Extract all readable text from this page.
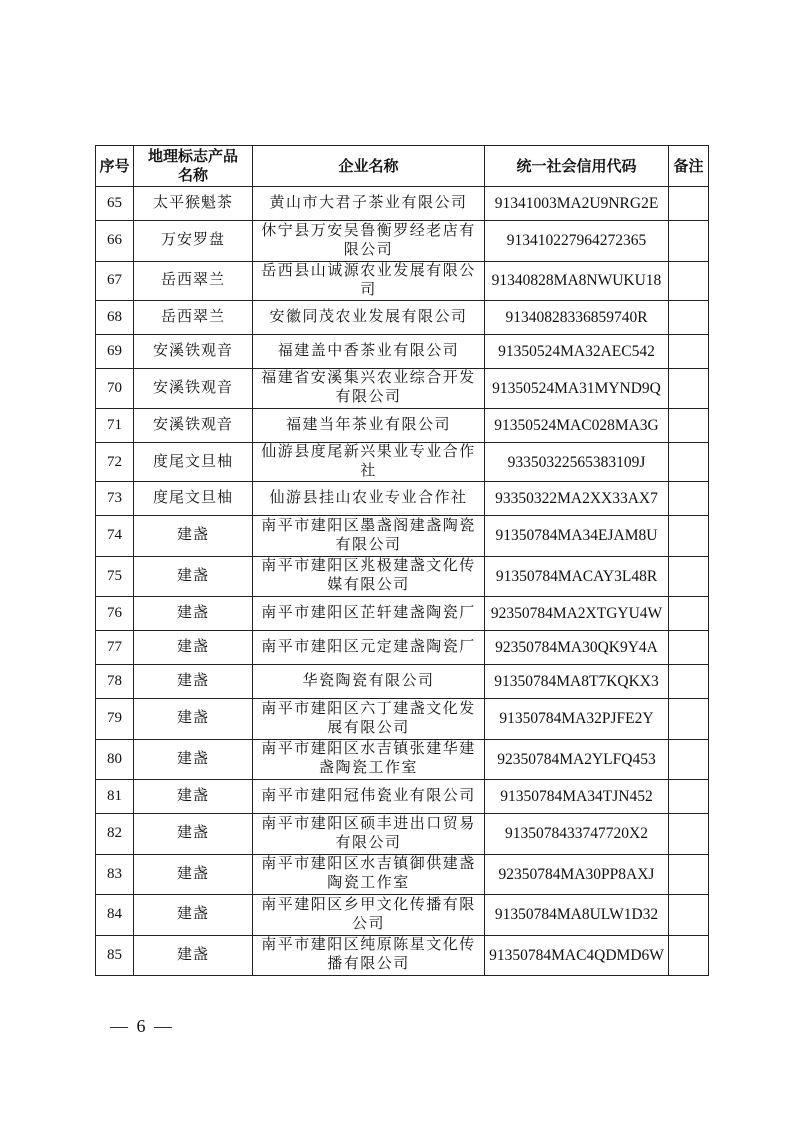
序号	地理标志产品名称	企业名称	统一社会信用代码	备注
65	太平猴魁茶	黄山市大君子茶业有限公司	91341003MA2U9NRG2E	
66	万安罗盘	休宁县万安吴鲁衡罗经老店有限公司	91341022796427236​5	
67	岳西翠兰	岳西县山诚源农业发展有限公司	91340828MA8NWUKU18	
68	岳西翠兰	安徽同茂农业发展有限公司	91340828336859740R	
69	安溪铁观音	福建盖中香茶业有限公司	91350524MA32AEC542	
70	安溪铁观音	福建省安溪集兴农业综合开发有限公司	91350524MA31MYND9Q	
71	安溪铁观音	福建当年茶业有限公司	91350524MAC028MA3G	
72	度尾文旦柚	仙游县度尾新兴果业专业合作社	93350322565383109J	
73	度尾文旦柚	仙游县挂山农业专业合作社	93350322MA2XX33AX7	
74	建盏	南平市建阳区墨盏阁建盏陶瓷有限公司	91350784MA34EJAM8U	
75	建盏	南平市建阳区兆极建盏文化传媒有限公司	91350784MACAY3L48R	
76	建盏	南平市建阳区芷轩建盏陶瓷厂	92350784MA2XTGYU4W	
77	建盏	南平市建阳区元定建盏陶瓷厂	92350784MA30QK9Y4A	
78	建盏	华瓷陶瓷有限公司	91350784MA8T7KQKX3	
79	建盏	南平市建阳区六丁建盏文化发展有限公司	91350784MA32PJFE2Y	
80	建盏	南平市建阳区水吉镇张建华建盏陶瓷工作室	92350784MA2YLFQ453	
81	建盏	南平市建阳冠伟瓷业有限公司	91350784MA34TJN452	
82	建盏	南平市建阳区硕丰进出口贸易有限公司	9135078433747720X2	
83	建盏	南平市建阳区水吉镇御供建盏陶瓷工作室	92350784MA30PP8AXJ	
84	建盏	南平建阳区乡甲文化传播有限公司	91350784MA8ULW1D32	
85	建盏	南平市建阳区纯原陈星文化传播有限公司	91350784MAC4QDMD6W	
— 6 —
